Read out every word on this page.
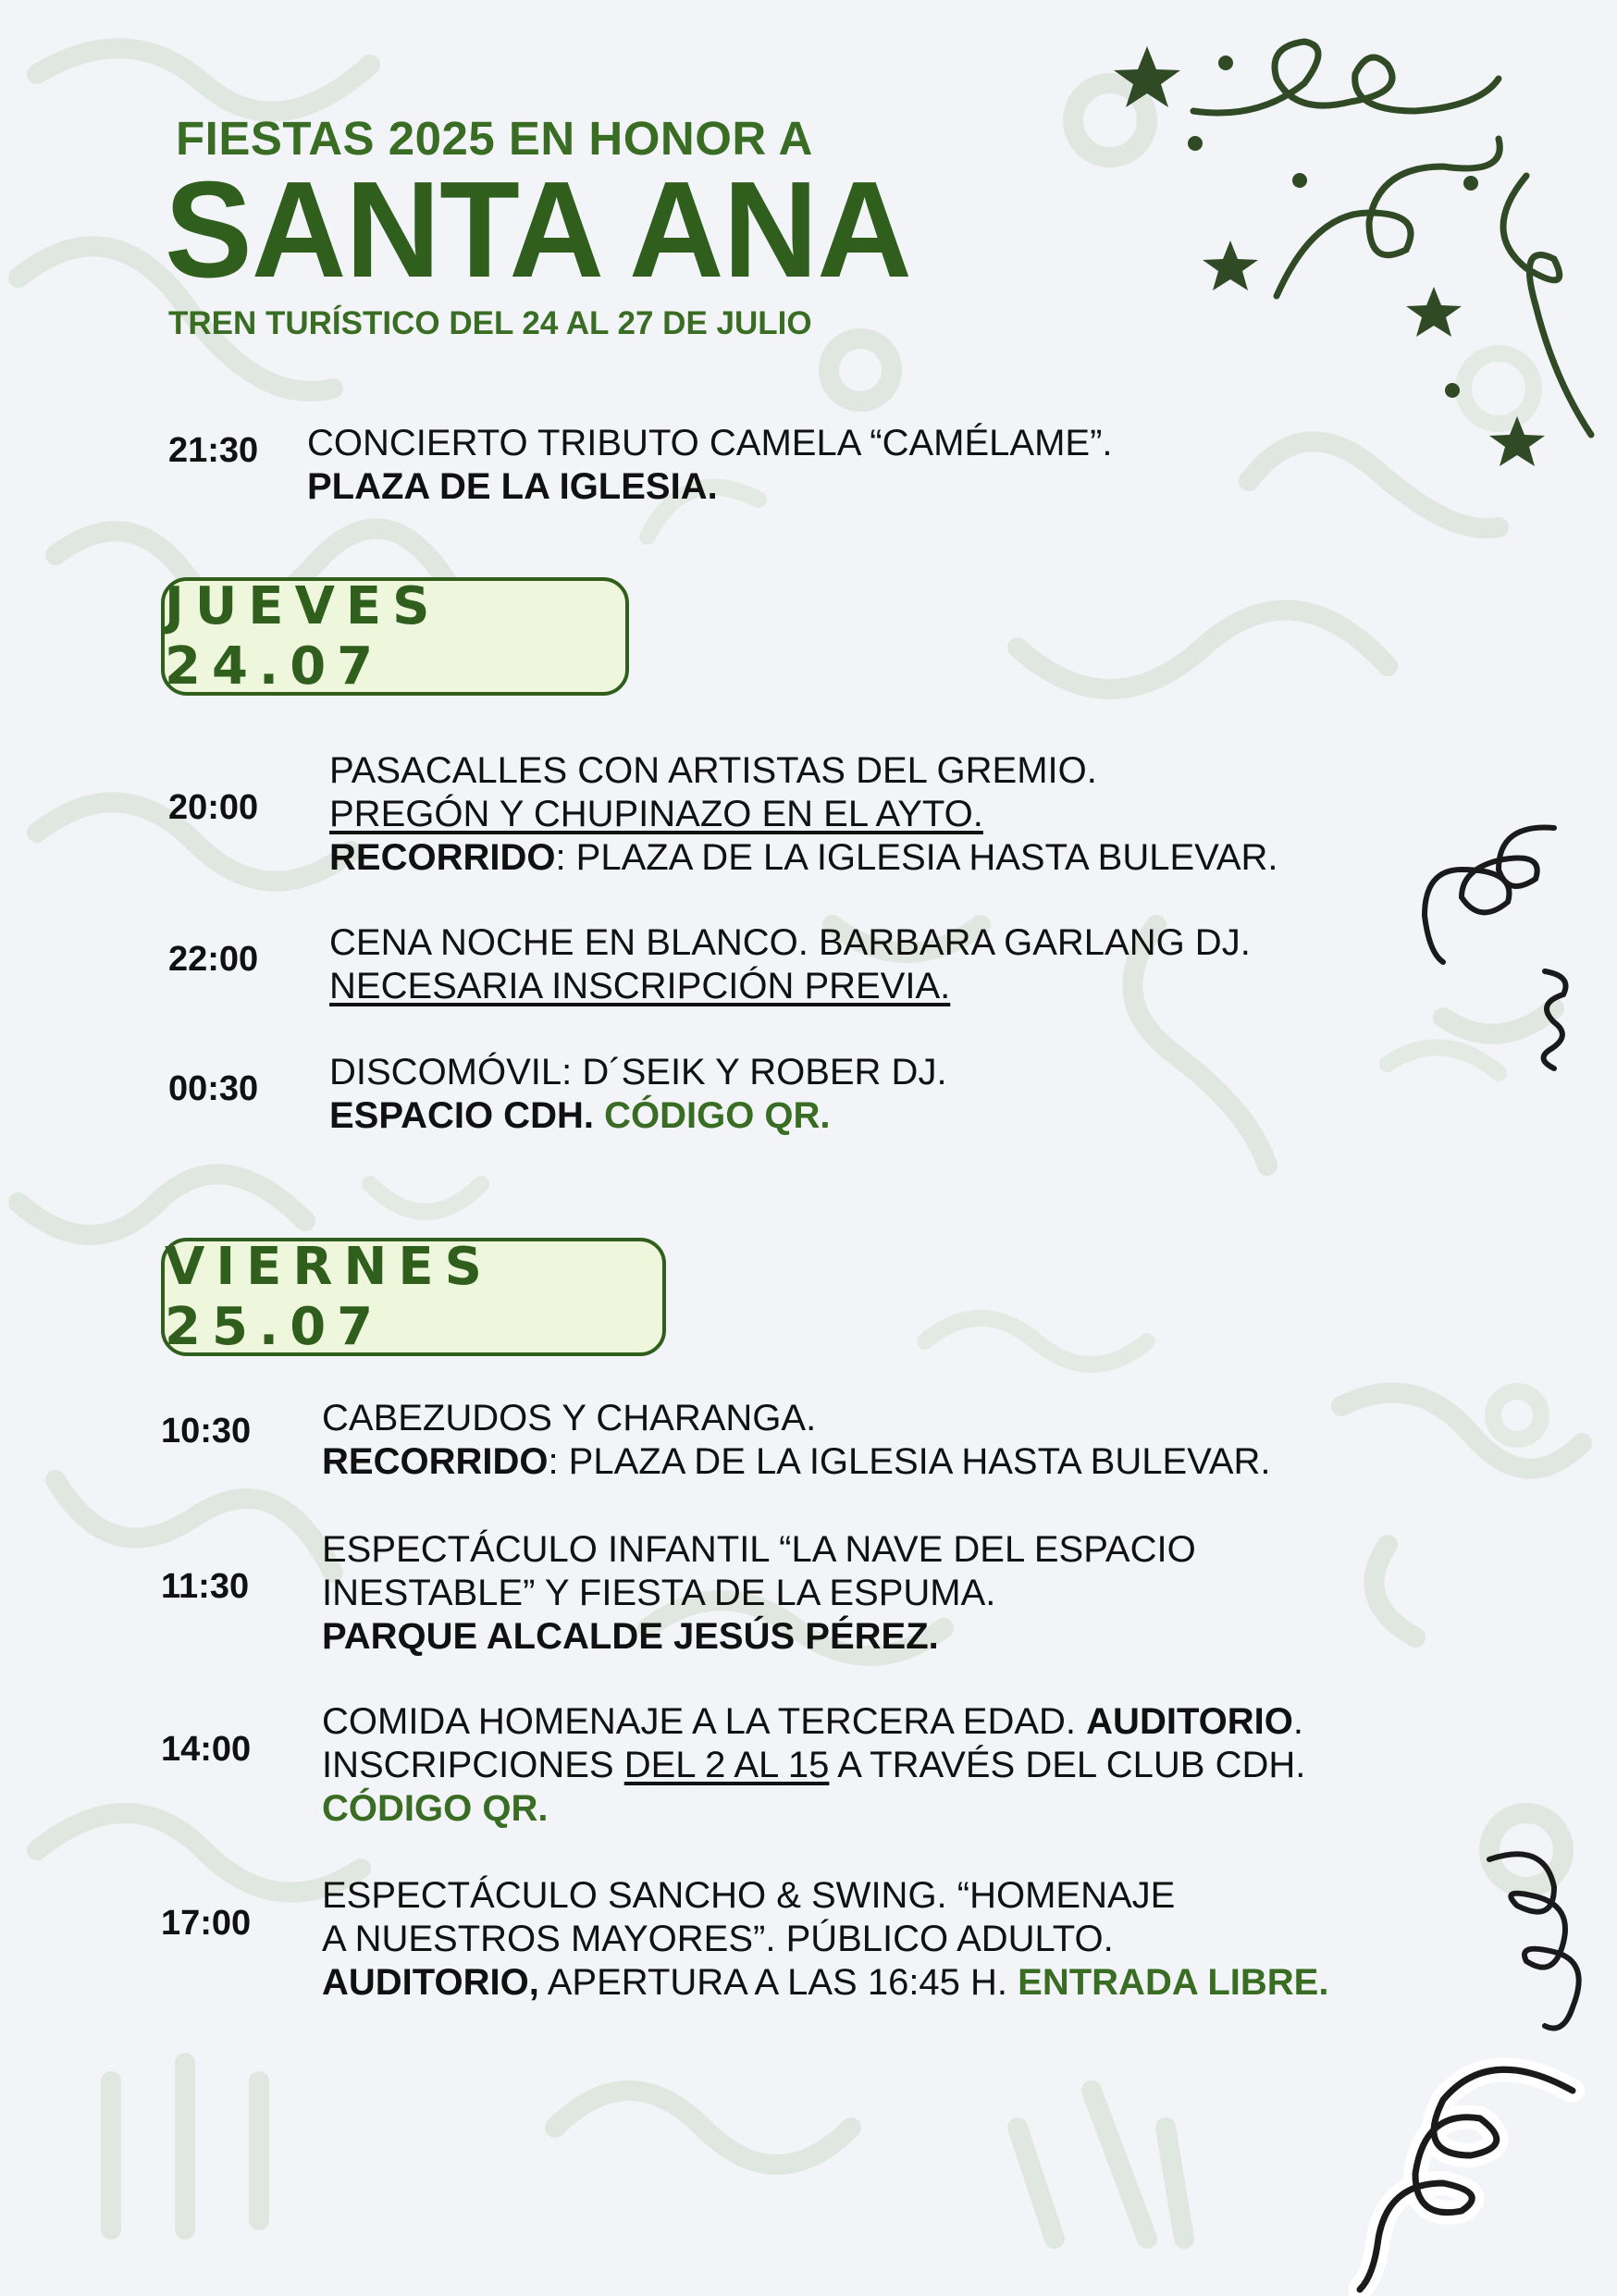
FIESTAS 2025 EN HONOR A
SANTA ANA
TREN TURÍSTICO DEL 24 AL 27 DE JULIO
21:30 CONCIERTO TRIBUTO CAMELA “CAMÉLAME”.
PLAZA DE LA IGLESIA.
JUEVES 24.07
20:00
PASACALLES CON ARTISTAS DEL GREMIO.
PREGÓN Y CHUPINAZO EN EL AYTO.
RECORRIDO: PLAZA DE LA IGLESIA HASTA BULEVAR.
22:00 CENA NOCHE EN BLANCO. BARBARA GARLANG DJ.
NECESARIA INSCRIPCIÓN PREVIA.
00:30 DISCOMÓVIL: D´SEIK Y ROBER DJ.
ESPACIO CDH. CÓDIGO QR.
VIERNES 25.07
10:30 CABEZUDOS Y CHARANGA.
RECORRIDO: PLAZA DE LA IGLESIA HASTA BULEVAR.
11:30
ESPECTÁCULO INFANTIL “LA NAVE DEL ESPACIO
INESTABLE” Y FIESTA DE LA ESPUMA.
PARQUE ALCALDE JESÚS PÉREZ.
14:00
COMIDA HOMENAJE A LA TERCERA EDAD. AUDITORIO.
INSCRIPCIONES DEL 2 AL 15 A TRAVÉS DEL CLUB CDH.
CÓDIGO QR.
17:00
ESPECTÁCULO SANCHO & SWING. “HOMENAJE
A NUESTROS MAYORES”. PÚBLICO ADULTO.
AUDITORIO, APERTURA A LAS 16:45 H. ENTRADA LIBRE.
